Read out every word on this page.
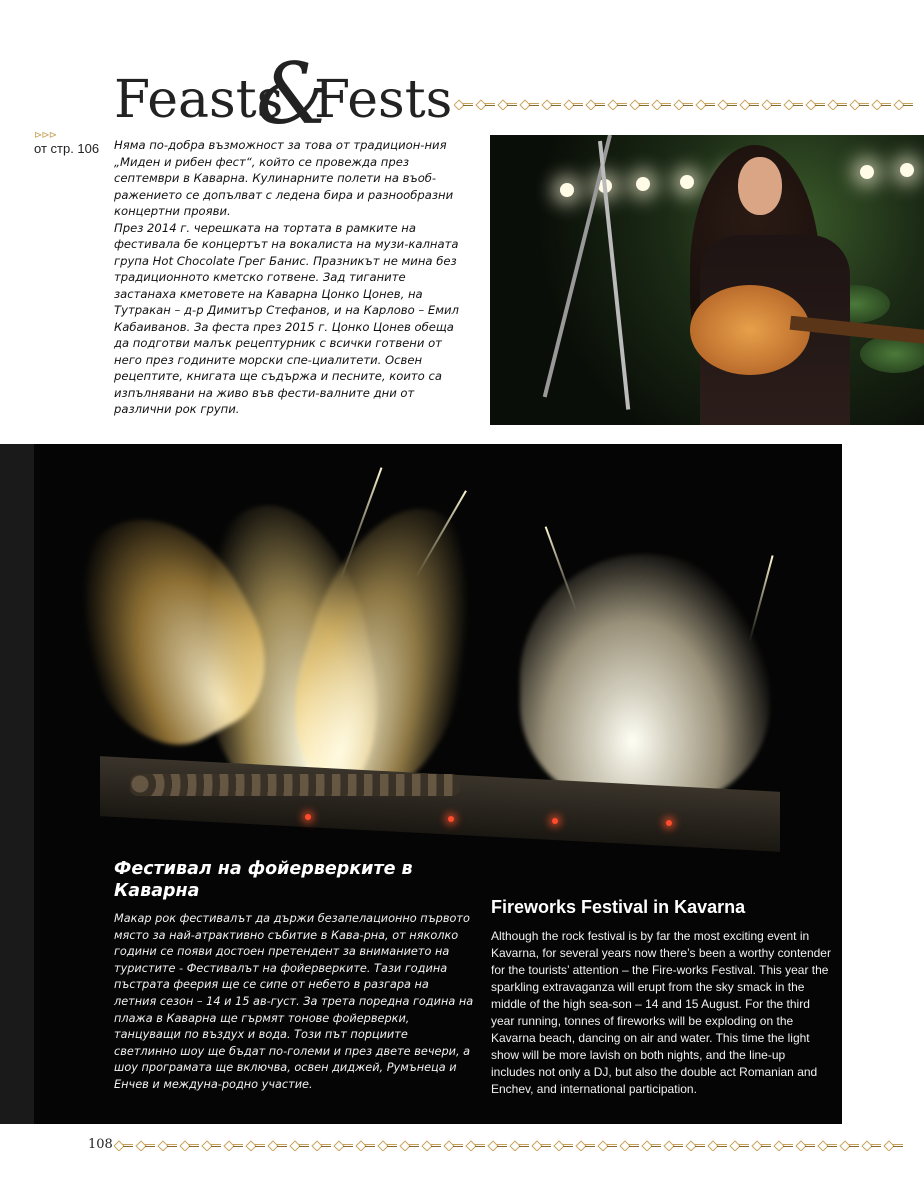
Feasts
&
Fests
⊳⊳⊳
от стр. 106	Няма по-добра възможност за това от традицион-ния „Миден и рибен фест“, който се провежда през септември в Каварна. Кулинарните полети на въоб-ражението се допълват с ледена бира и разнообразни концертни прояви.

През 2014 г. черешката на тортата в рамките на фестивала бе концертът на вокалиста на музи-калната група Hot Chocolate Грег Банис. Празникът не мина без традиционното кметско готвене. Зад тиганите застанаха кметовете на Каварна Цонко Цонев, на Тутракан – д-р Димитър Стефанов, и на Карлово – Емил Кабаиванов. За феста през 2015 г. Цонко Цонев обеща да подготви малък рецептурник с всички готвени от него през годините морски спе-циалитети. Освен рецептите, книгата ще съдържа и песните, които са изпълнявани на живо във фести-валните дни от различни рок групи.

Фестивал на фойерверките в Каварна

Макар рок фестивалът да държи безапелационно първото място за най-атрактивно събитие в Кава-рна, от няколко години се появи достоен претендент за вниманието на туристите - Фестивалът на фойерверките. Тази година пъстрата феерия ще се сипе от небето в разгара на летния сезон – 14 и 15 ав-густ. За трета поредна година на плажа в Каварна ще гърмят тонове фойерверки, танцуващи по въздух и вода. Този път порциите светлинно шоу ще бъдат по-големи и през двете вечери, а шоу програмата ще включва, освен диджей, Румънеца и Енчев и междуна-родно участие.

Fireworks Festival in Kavarna

Although the rock festival is by far the most exciting event in Kavarna, for several years now there’s been a worthy contender for the tourists’ attention – the Fire-works Festival. This year the sparkling extravaganza will erupt from the sky smack in the middle of the high sea-son – 14 and 15 August. For the third year running, tonnes of fireworks will be exploding on the Kavarna beach, dancing on air and water. This time the light show will be more lavish on both nights, and the line-up includes not only a DJ, but also the double act Romanian and Enchev, and international participation.

108
